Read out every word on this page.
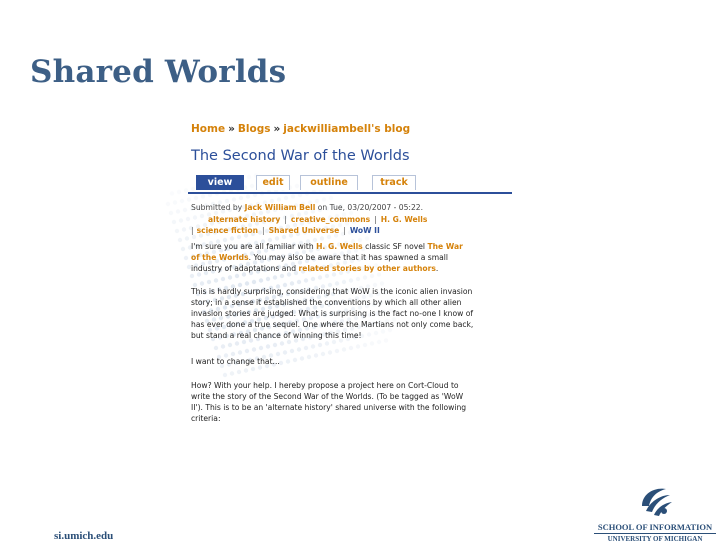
Shared Worlds
Home » Blogs » jackwilliambell's blog
The Second War of the Worlds
view	edit	outline	track
Submitted by Jack William Bell on Tue, 03/20/2007 - 05:22.
alternate history | creative_commons | H. G. Wells
| science fiction | Shared Universe | WoW II
I'm sure you are all familiar with H. G. Wells classic SF novel The War
of the Worlds. You may also be aware that it has spawned a small
industry of adaptations and related stories by other authors.
This is hardly surprising, considering that WoW is the iconic alien invasion
story; in a sense it established the conventions by which all other alien
invasion stories are judged. What is surprising is the fact no-one I know of
has ever done a true sequel. One where the Martians not only come back,
but stand a real chance of winning this time!
I want to change that...
How? With your help. I hereby propose a project here on Cort-Cloud to
write the story of the Second War of the Worlds. (To be tagged as 'WoW
II'). This is to be an 'alternate history' shared universe with the following
criteria:
si.umich.edu
SCHOOL OF INFORMATION
UNIVERSITY OF MICHIGAN
